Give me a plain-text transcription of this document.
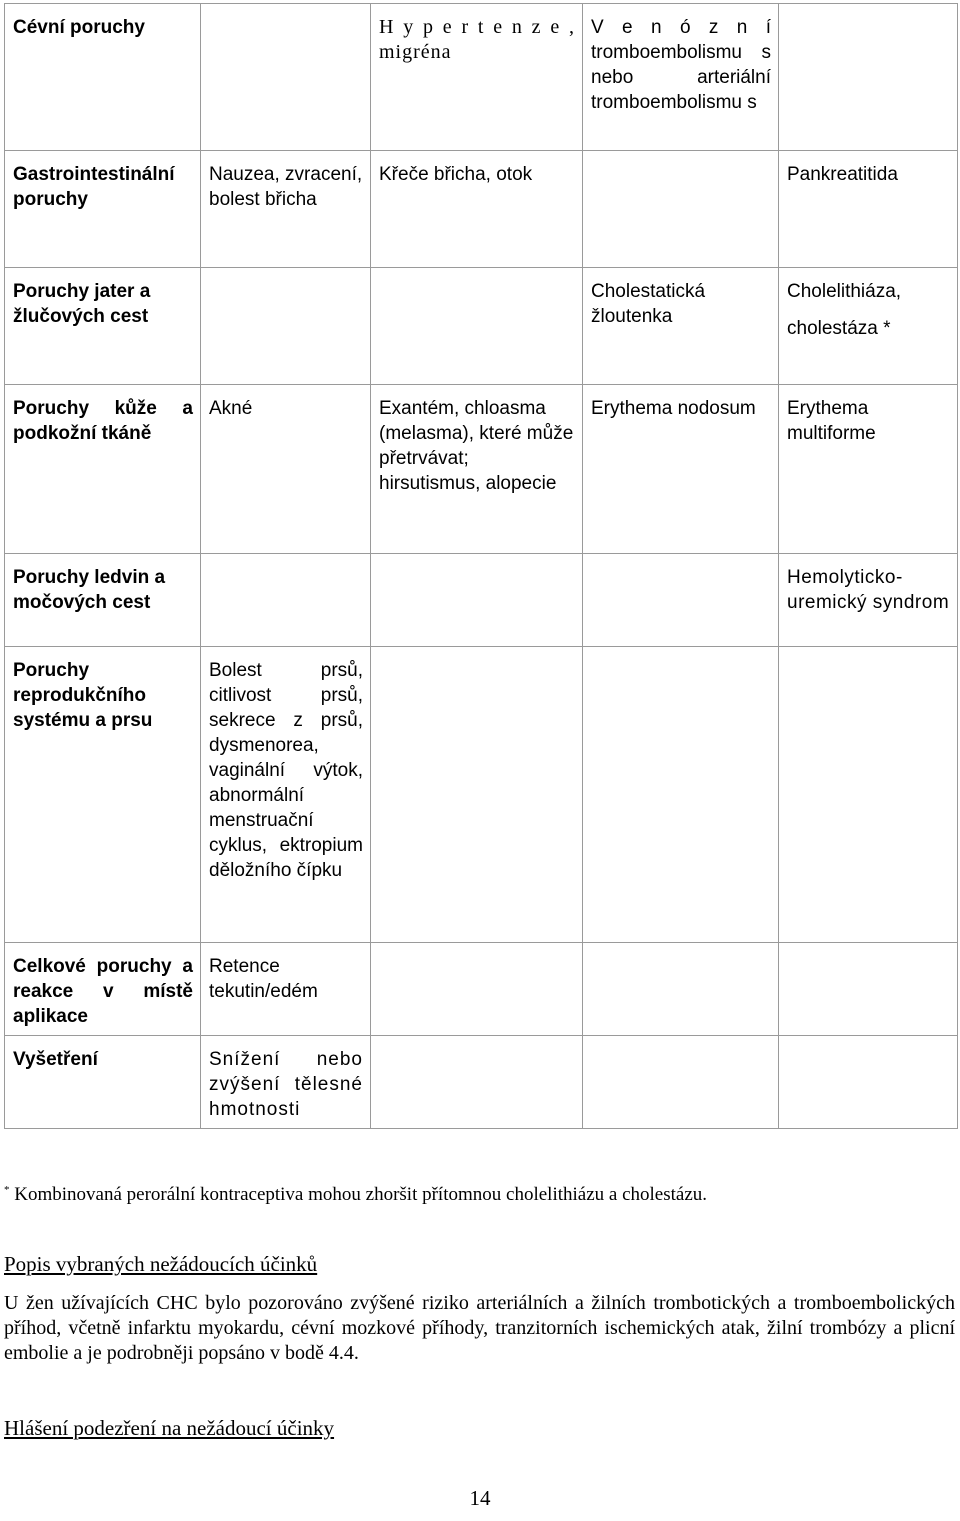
Cévní poruchy		H y p e r t e n z e , migréna	V e n ó z n í tromboembolismu s nebo arteriální tromboembolismu s	
Gastrointestinální poruchy	Nauzea, zvracení, bolest břicha	Křeče břicha, otok		Pankreatitida
Poruchy jater a žlučových cest			Cholestatická žloutenka	Cholelithiáza, cholestáza *
Poruchy kůže a podkožní tkáně	Akné	Exantém, chloasma (melasma), které může přetrvávat; hirsutismus, alopecie	Erythema nodosum	Erythema multiforme
Poruchy ledvin a močových cest				Hemolyticko-uremický syndrom
Poruchy reprodukčního systému a prsu	Bolest prsů, citlivost prsů, sekrece z prsů, dysmenorea, vaginální výtok, abnormální menstruační cyklus, ektropium děložního čípku			
Celkové poruchy a reakce v místě aplikace	Retence tekutin/edém			
Vyšetření	Snížení nebo zvýšení tělesné hmotnosti			
* Kombinovaná perorální kontraceptiva mohou zhoršit přítomnou cholelithiázu a cholestázu.
Popis vybraných nežádoucích účinků
U žen užívajících CHC bylo pozorováno zvýšené riziko arteriálních a žilních trombotických a tromboembolických příhod, včetně infarktu myokardu, cévní mozkové příhody, tranzitorních ischemických atak, žilní trombózy a plicní embolie a je podrobněji popsáno v bodě 4.4.
Hlášení podezření na nežádoucí účinky
14
